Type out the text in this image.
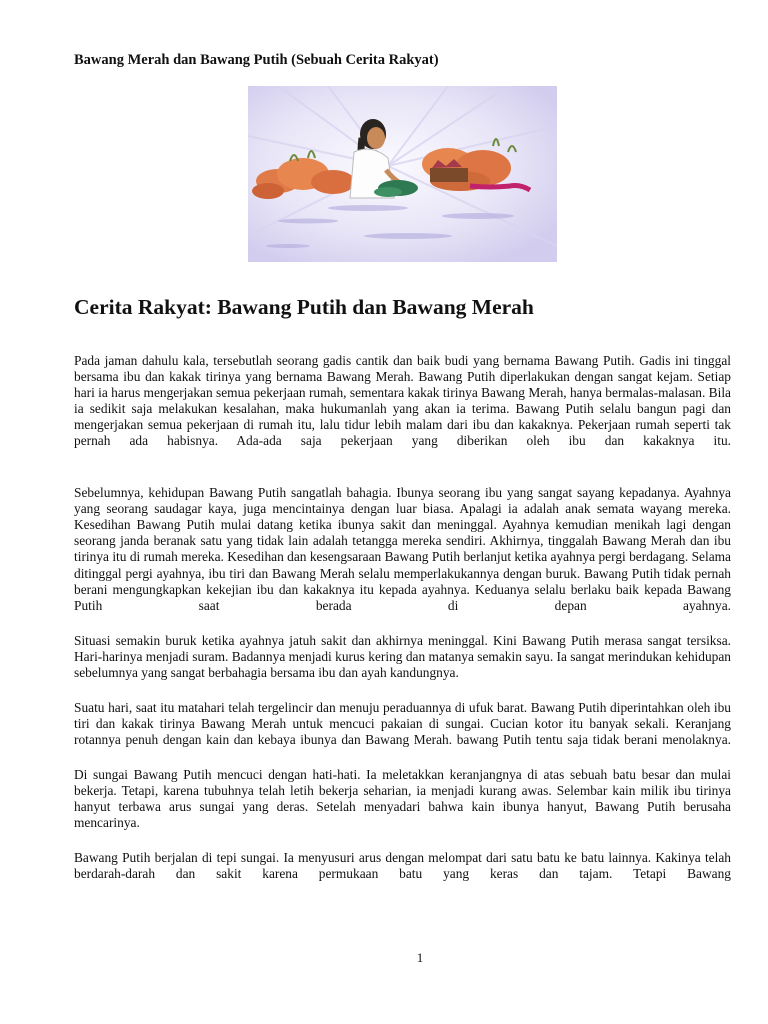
Bawang Merah dan Bawang Putih (Sebuah Cerita Rakyat)
Cerita Rakyat: Bawang Putih dan Bawang Merah

Pada jaman dahulu kala, tersebutlah seorang gadis cantik dan baik budi yang bernama Bawang Putih. Gadis ini tinggal bersama ibu dan kakak tirinya yang bernama Bawang Merah. Bawang Putih diperlakukan dengan sangat kejam. Setiap hari ia harus mengerjakan semua pekerjaan rumah, sementara kakak tirinya Bawang Merah, hanya bermalas-malasan. Bila ia sedikit saja melakukan kesalahan, maka hukumanlah yang akan ia terima. Bawang Putih selalu bangun pagi dan mengerjakan semua pekerjaan di rumah itu, lalu tidur lebih malam dari ibu dan kakaknya. Pekerjaan rumah seperti tak pernah ada habisnya. Ada-ada saja pekerjaan yang diberikan oleh ibu dan kakaknya itu.

Sebelumnya, kehidupan Bawang Putih sangatlah bahagia. Ibunya seorang ibu yang sangat sayang kepadanya. Ayahnya yang seorang saudagar kaya, juga mencintainya dengan luar biasa. Apalagi ia adalah anak semata wayang mereka. Kesedihan Bawang Putih mulai datang ketika ibunya sakit dan meninggal. Ayahnya kemudian menikah lagi dengan seorang janda beranak satu yang tidak lain adalah tetangga mereka sendiri. Akhirnya, tinggalah Bawang Merah dan ibu tirinya itu di rumah mereka. Kesedihan dan kesengsaraan Bawang Putih berlanjut ketika ayahnya pergi berdagang. Selama ditinggal pergi ayahnya, ibu tiri dan Bawang Merah selalu memperlakukannya dengan buruk. Bawang Putih tidak pernah berani mengungkapkan kekejian ibu dan kakaknya itu kepada ayahnya. Keduanya selalu berlaku baik kepada Bawang Putih saat berada di depan ayahnya.

Situasi semakin buruk ketika ayahnya jatuh sakit dan akhirnya meninggal. Kini Bawang Putih merasa sangat tersiksa. Hari-harinya menjadi suram. Badannya menjadi kurus kering dan matanya semakin sayu. Ia sangat merindukan kehidupan sebelumnya yang sangat berbahagia bersama ibu dan ayah kandungnya.

Suatu hari, saat itu matahari telah tergelincir dan menuju peraduannya di ufuk barat. Bawang Putih diperintahkan oleh ibu tiri dan kakak tirinya Bawang Merah untuk mencuci pakaian di sungai. Cucian kotor itu banyak sekali. Keranjang rotannya penuh dengan kain dan kebaya ibunya dan Bawang Merah. bawang Putih tentu saja tidak berani menolaknya.

Di sungai Bawang Putih mencuci dengan hati-hati. Ia meletakkan keranjangnya di atas sebuah batu besar dan mulai bekerja. Tetapi, karena tubuhnya telah letih bekerja seharian, ia menjadi kurang awas. Selembar kain milik ibu tirinya hanyut terbawa arus sungai yang deras. Setelah menyadari bahwa kain ibunya hanyut, Bawang Putih berusaha mencarinya.

Bawang Putih berjalan di tepi sungai. Ia menyusuri arus dengan melompat dari satu batu ke batu lainnya. Kakinya telah berdarah-darah dan sakit karena permukaan batu yang keras dan tajam. Tetapi Bawang

1
